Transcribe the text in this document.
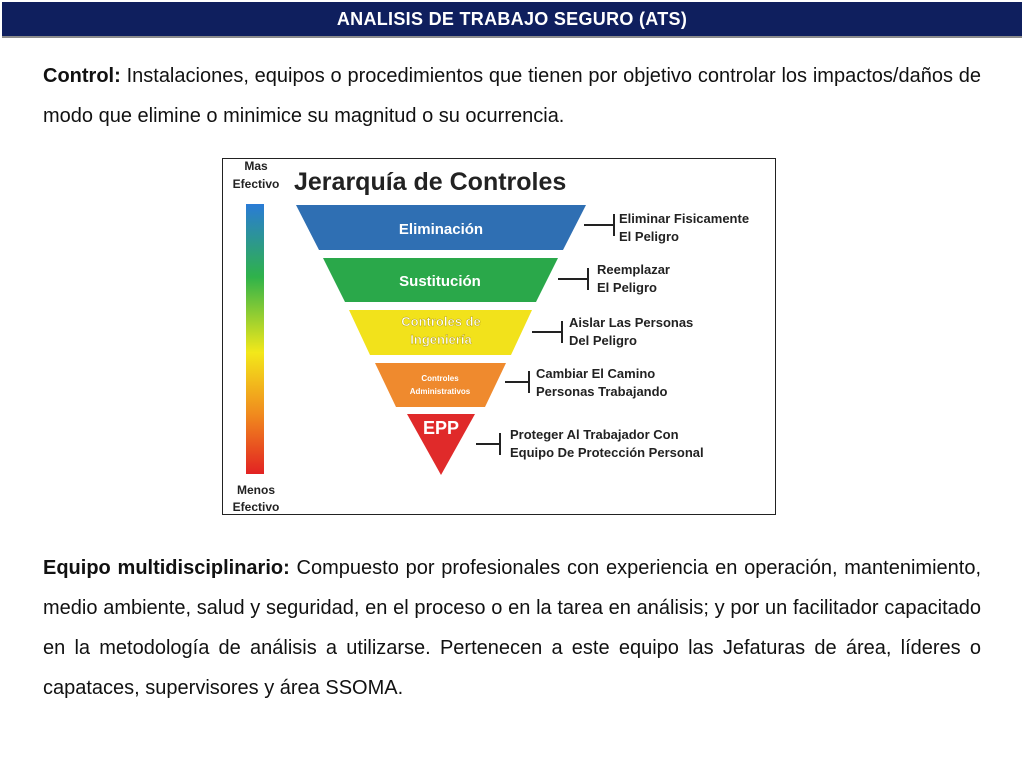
ANALISIS DE TRABAJO SEGURO (ATS)

Control: Instalaciones, equipos o procedimientos que tienen por objetivo controlar los impactos/daños de modo que elimine o minimice su magnitud o su ocurrencia.

Mas
Efectivo
Menos
Efectivo
Jerarquía de Controles
Eliminación
Eliminar Fisicamente
El Peligro
Sustitución
Reemplazar
El Peligro
Controles de
Ingeniería
Aislar Las Personas
Del Peligro
Controles
Administrativos
Cambiar El Camino
Personas Trabajando
EPP	Proteger Al Trabajador Con
Equipo De Protección Personal

Equipo multidisciplinario: Compuesto por profesionales con experiencia en operación, mantenimiento, medio ambiente, salud y seguridad, en el proceso o en la tarea en análisis; y por un facilitador capacitado en la metodología de análisis a utilizarse. Pertenecen a este equipo las Jefaturas de área, líderes o capataces, supervisores y área SSOMA.
